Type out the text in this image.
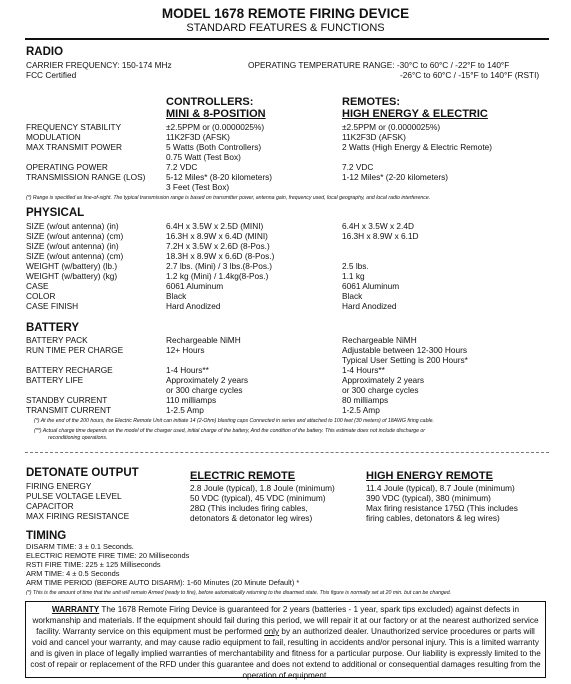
MODEL 1678 REMOTE FIRING DEVICE
STANDARD FEATURES & FUNCTIONS
RADIO
CARRIER FREQUENCY: 150-174 MHz
FCC Certified
OPERATING TEMPERATURE RANGE: -30°C to 60°C / -22°F to 140°F
-26°C to 60°C / -15°F to 140°F (RSTI)
CONTROLLERS:
MINI & 8-POSITION
REMOTES:
HIGH ENERGY & ELECTRIC
FREQUENCY STABILITY
MODULATION
MAX TRANSMIT POWER
OPERATING POWER
TRANSMISSION RANGE (LOS)
±2.5PPM or (0.0000025%)
11K2F3D (AFSK)
5 Watts (Both Controllers)
0.75 Watt (Test Box)
7.2 VDC
5-12 Miles* (8-20 kilometers)
3 Feet (Test Box)
±2.5PPM or (0.0000025%)
11K2F3D (AFSK)
2 Watts (High Energy & Electric Remote)
7.2 VDC
1-12 Miles* (2-20 kilometers)
(*) Range is specified as line-of-sight. The typical transmission range is based on transmitter power, antenna gain, frequency used, local geography, and local radio interference.
PHYSICAL
SIZE (w/out antenna) (in)
SIZE (w/out antenna) (cm)
SIZE (w/out antenna) (in)
SIZE (w/out antenna) (cm)
WEIGHT (w/battery) (lb.)
WEIGHT (w/battery) (kg)
CASE
COLOR
CASE FINISH
6.4H x 3.5W x 2.5D (MINI)
16.3H x 8.9W x 6.4D (MINI)
7.2H x 3.5W x 2.6D (8-Pos.)
18.3H x 8.9W x 6.6D (8-Pos.)
2.7 lbs. (Mini) / 3 lbs.(8-Pos.)
1.2 kg (Mini) / 1.4kg(8-Pos.)
6061 Aluminum
Black
Hard Anodized
6.4H x 3.5W x 2.4D
16.3H x 8.9W x 6.1D
2.5 lbs.
1.1 kg
6061 Aluminum
Black
Hard Anodized
BATTERY
BATTERY PACK
RUN TIME PER CHARGE
BATTERY RECHARGE
BATTERY LIFE
STANDBY CURRENT
TRANSMIT CURRENT
Rechargeable NiMH
12+ Hours
1-4 Hours**
Approximately 2 years
or 300 charge cycles
110 milliamps
1-2.5 Amp
Rechargeable NiMH
Adjustable between 12-300 Hours
Typical User Setting is 200 Hours*
1-4 Hours**
Approximately 2 years
or 300 charge cycles
80 milliamps
1-2.5 Amp
(*) At the end of the 200 hours, the Electric Remote Unit can initiate 14 (2-Ohm) blasting caps Connected in series and attached to 100 feet (30 meters) of 18AWG firing cable.
(**) Actual charge time depends on the model of the charger used, initial charge of the battery, And the condition of the battery. This estimate does not include discharge or
reconditioning operations.
DETONATE OUTPUT
FIRING ENERGY
PULSE VOLTAGE LEVEL
CAPACITOR
MAX FIRING RESISTANCE
ELECTRIC REMOTE
2.8 Joule (typical), 1.8 Joule (minimum)
50 VDC (typical), 45 VDC (minimum)
28Ω (This includes firing cables,
detonators & detonator leg wires)
HIGH ENERGY REMOTE
11.4 Joule (typical), 8.7 Joule (minimum)
390 VDC (typical), 380 (minimum)
Max firing resistance 175Ω (This includes
firing cables, detonators & leg wires)
TIMING
DISARM TIME: 3 ± 0.1 Seconds.
ELECTRIC REMOTE FIRE TIME: 20 Milliseconds
RSTI FIRE TIME: 225 ± 125 Milliseconds
ARM TIME: 4 ± 0.5 Seconds
ARM TIME PERIOD (BEFORE AUTO DISARM): 1-60 Minutes (20 Minute Default) *
(*) This is the amount of time that the unit will remain Armed (ready to fire), before automatically returning to the disarmed state. This figure is normally set at 20 min. but can be changed.
WARRANTY The 1678 Remote Firing Device is guaranteed for 2 years (batteries - 1 year, spark tips excluded) against defects in workmanship and materials. If the equipment should fail during this period, we will repair it at our factory or at the nearest authorized service facility. Warranty service on this equipment must be performed only by an authorized dealer. Unauthorized service procedures or parts will void and cancel your warranty, and may cause radio equipment to fail, resulting in accidents and/or personal injury. This is a limited warranty and is given in place of legally implied warranties of merchantability and fitness for a particular purpose. Our liability is expressly limited to the cost of repair or replacement of the RFD under this guarantee and does not extend to additional or consequential damages resulting from the operation of equipment.
